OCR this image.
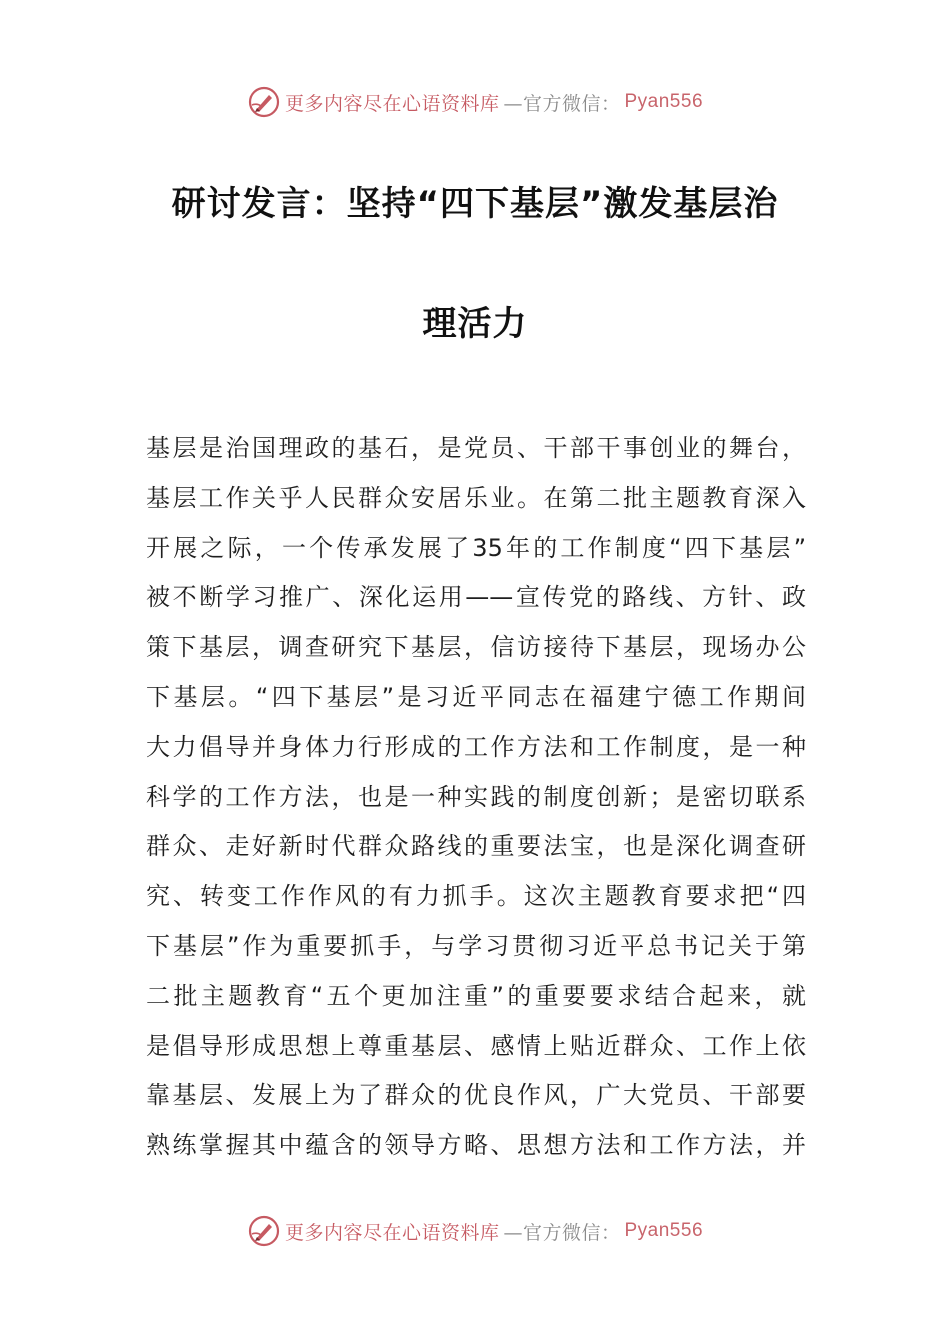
更多内容尽在心语资料库 —官方微信： Pyan556
研讨发言：坚持“四下基层”激发基层治
理活力
基层是治国理政的基石，是党员、干部干事创业的舞台，
基层工作关乎人民群众安居乐业。在第二批主题教育深入
开展之际，一个传承发展了35年的工作制度“四下基层”
被不断学习推广、深化运用——宣传党的路线、方针、政
策下基层，调查研究下基层，信访接待下基层，现场办公
下基层。“四下基层”是习近平同志在福建宁德工作期间
大力倡导并身体力行形成的工作方法和工作制度，是一种
科学的工作方法，也是一种实践的制度创新；是密切联系
群众、走好新时代群众路线的重要法宝，也是深化调查研
究、转变工作作风的有力抓手。这次主题教育要求把“四
下基层”作为重要抓手，与学习贯彻习近平总书记关于第
二批主题教育“五个更加注重”的重要要求结合起来，就
是倡导形成思想上尊重基层、感情上贴近群众、工作上依
靠基层、发展上为了群众的优良作风，广大党员、干部要
熟练掌握其中蕴含的领导方略、思想方法和工作方法，并
更多内容尽在心语资料库 —官方微信： Pyan556
